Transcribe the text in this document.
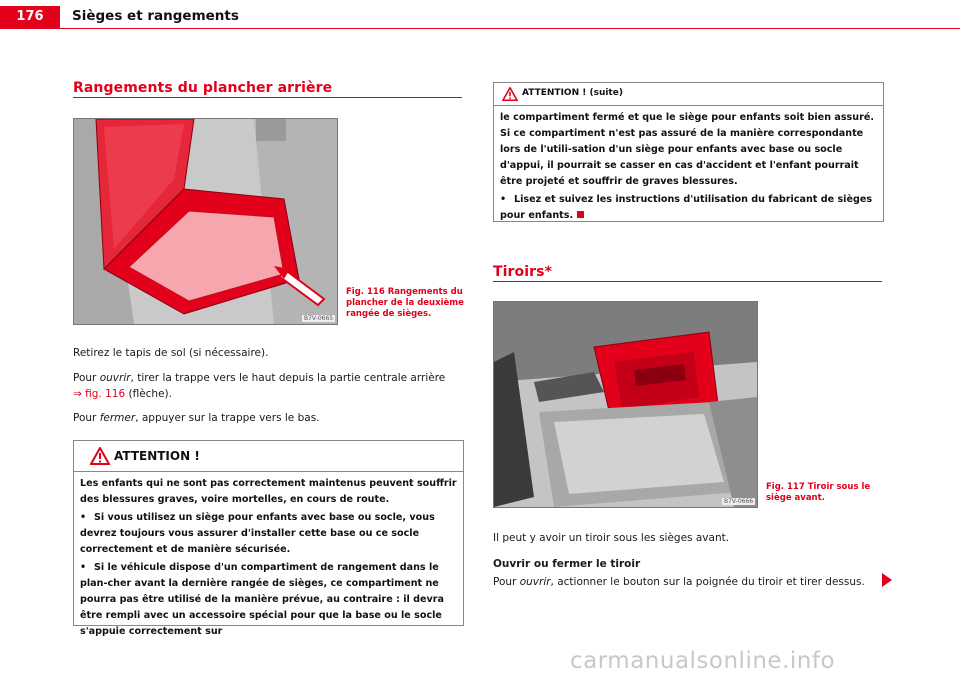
176	Sièges et rangements
Rangements du plancher arrière
B7V-0665
Fig. 116 Rangements du plancher de la deuxième rangée de sièges.
Retirez le tapis de sol (si nécessaire).
Pour ouvrir, tirer la trappe vers le haut depuis la partie centrale arrière
⇒ fig. 116 (flèche).
Pour fermer, appuyer sur la trappe vers le bas.
ATTENTION !

Les enfants qui ne sont pas correctement maintenus peuvent souffrir des blessures graves, voire mortelles, en cours de route.

• Si vous utilisez un siège pour enfants avec base ou socle, vous devrez toujours vous assurer d'installer cette base ou ce socle correctement et de manière sécurisée.

• Si le véhicule dispose d'un compartiment de rangement dans le plan-cher avant la dernière rangée de sièges, ce compartiment ne pourra pas être utilisé de la manière prévue, au contraire : il devra être rempli avec un accessoire spécial pour que la base ou le socle s'appuie correctement sur

ATTENTION ! (suite)

le compartiment fermé et que le siège pour enfants soit bien assuré. Si ce compartiment n'est pas assuré de la manière correspondante lors de l'utili-sation d'un siège pour enfants avec base ou socle d'appui, il pourrait se casser en cas d'accident et l'enfant pourrait être projeté et souffrir de graves blessures.

• Lisez et suivez les instructions d'utilisation du fabricant de sièges pour enfants.

Tiroirs*
B7V-0666
Fig. 117 Tiroir sous le siège avant.
Il peut y avoir un tiroir sous les sièges avant.
Ouvrir ou fermer le tiroir
Pour ouvrir, actionner le bouton sur la poignée du tiroir et tirer dessus.
carmanualsonline.info
